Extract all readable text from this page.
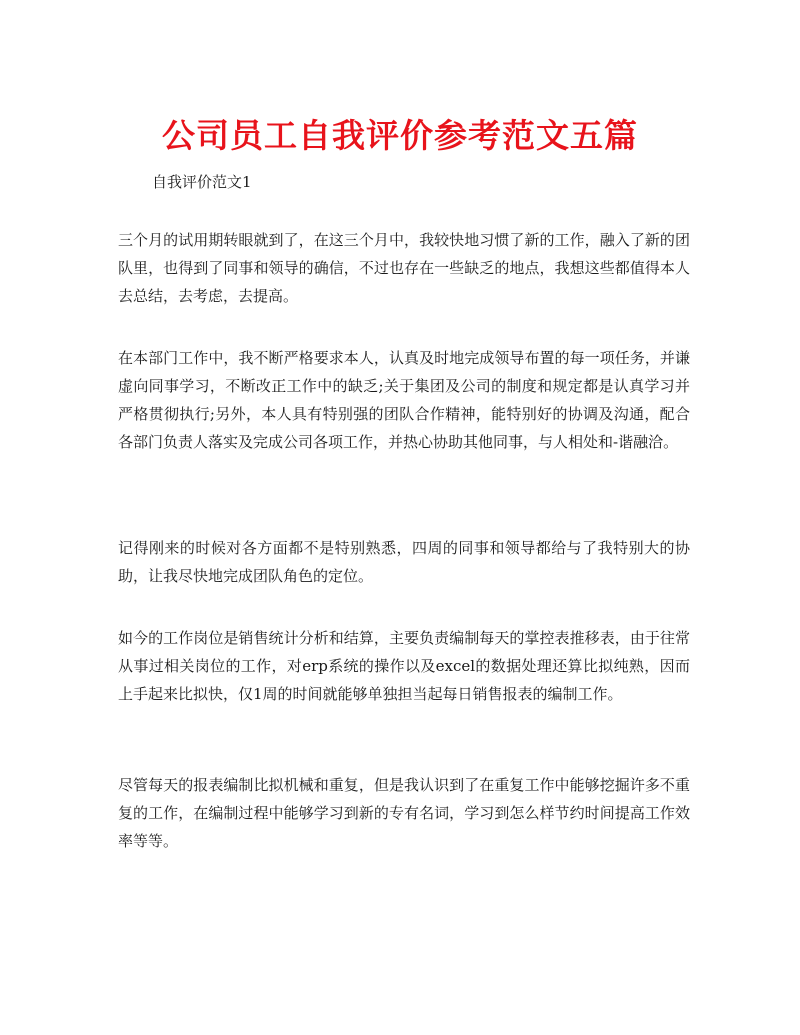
公司员工自我评价参考范文五篇

自我评价范文1

三个月的试用期转眼就到了，在这三个月中，我较快地习惯了新的工作，融入了新的团队里，也得到了同事和领导的确信，不过也存在一些缺乏的地点，我想这些都值得本人去总结，去考虑，去提高。

在本部门工作中，我不断严格要求本人，认真及时地完成领导布置的每一项任务，并谦虚向同事学习，不断改正工作中的缺乏;关于集团及公司的制度和规定都是认真学习并严格贯彻执行;另外，本人具有特别强的团队合作精神，能特别好的协调及沟通，配合各部门负责人落实及完成公司各项工作，并热心协助其他同事，与人相处和-谐融洽。

记得刚来的时候对各方面都不是特别熟悉，四周的同事和领导都给与了我特别大的协助，让我尽快地完成团队角色的定位。

如今的工作岗位是销售统计分析和结算，主要负责编制每天的掌控表推移表，由于往常从事过相关岗位的工作，对erp系统的操作以及excel的数据处理还算比拟纯熟，因而上手起来比拟快，仅1周的时间就能够单独担当起每日销售报表的编制工作。

尽管每天的报表编制比拟机械和重复，但是我认识到了在重复工作中能够挖掘许多不重复的工作，在编制过程中能够学习到新的专有名词，学习到怎么样节约时间提高工作效率等等。
